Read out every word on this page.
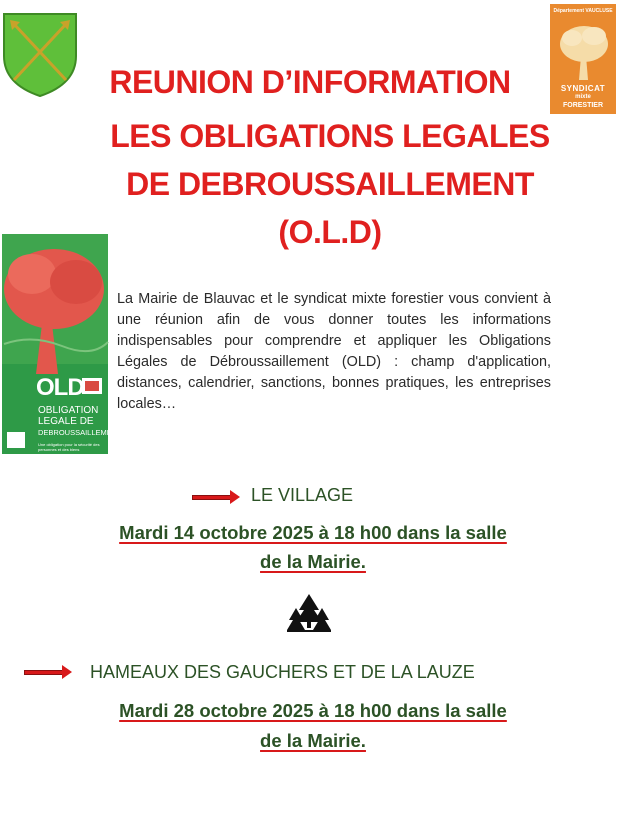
Département VAUCLUSE
SYNDICAT
mixte
FORESTIER
REUNION D’INFORMATION
LES OBLIGATIONS LEGALES
DE DEBROUSSAILLEMENT
(O.L.D)
OLD
OBLIGATION
LEGALE DE
DEBROUSSAILLEMENT
Une obligation pour la sécurité des personnes et des biens
La Mairie de Blauvac et le syndicat mixte forestier vous convient à une réunion afin de vous donner toutes les informations indispensables pour comprendre et appliquer les Obligations Légales de Débroussaillement (OLD) : champ d'application, distances, calendrier, sanctions, bonnes pratiques, les entreprises locales…
LE VILLAGE
Mardi 14 octobre 2025 à 18 h00 dans la salle
de la Mairie.
HAMEAUX DES GAUCHERS ET DE LA LAUZE
Mardi 28 octobre 2025 à 18 h00 dans la salle
de la Mairie.
